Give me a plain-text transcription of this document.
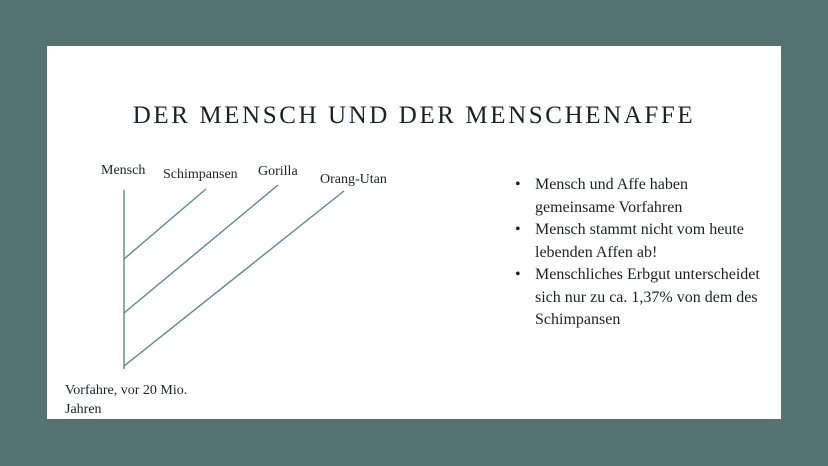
DER MENSCH UND DER MENSCHENAFFE
Mensch Schimpansen Gorilla
Orang-Utan
Vorfahre, vor 20 Mio.
Jahren
• Mensch und Affe haben gemeinsame Vorfahren
• Mensch stammt nicht vom heute lebenden Affen ab!
• Menschliches Erbgut unterscheidet sich nur zu ca. 1,37% von dem des Schimpansen
